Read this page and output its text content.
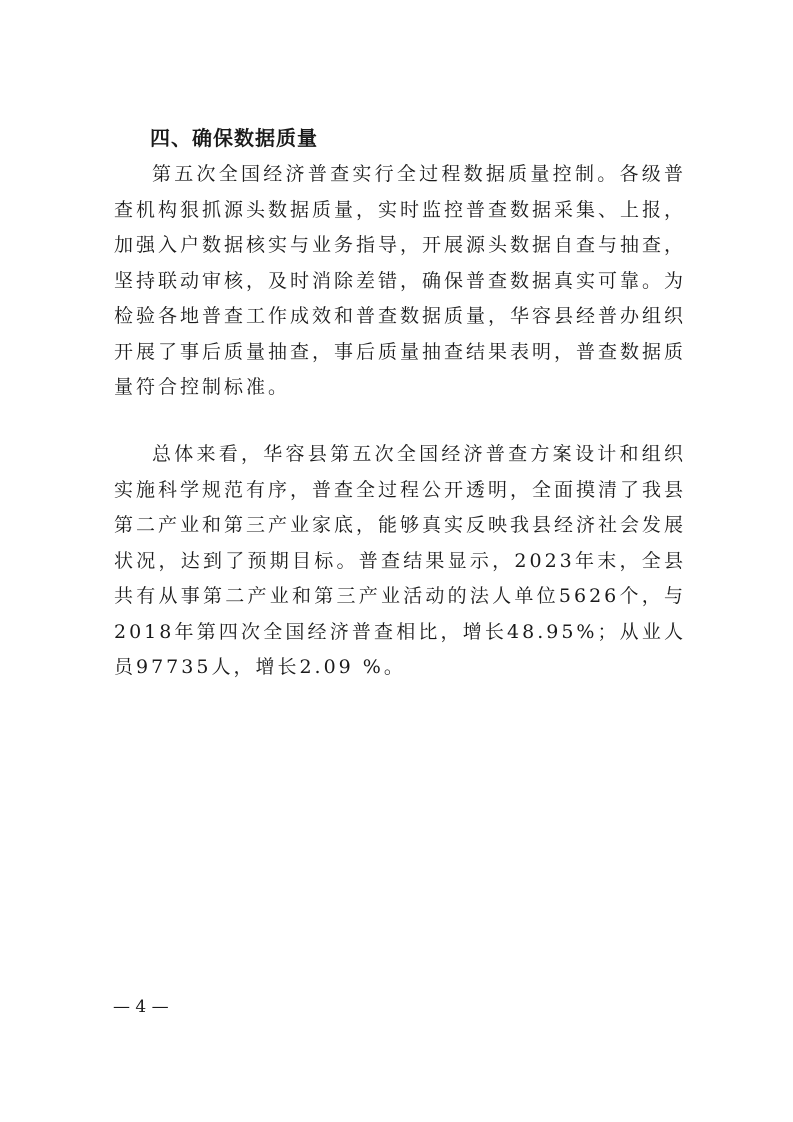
四、确保数据质量

第五次全国经济普查实行全过程数据质量控制。各级普查机构狠抓源头数据质量，实时监控普查数据采集、上报，加强入户数据核实与业务指导，开展源头数据自查与抽查，坚持联动审核，及时消除差错，确保普查数据真实可靠。为检验各地普查工作成效和普查数据质量，华容县经普办组织开展了事后质量抽查，事后质量抽查结果表明，普查数据质量符合控制标准。

总体来看，华容县第五次全国经济普查方案设计和组织实施科学规范有序，普查全过程公开透明，全面摸清了我县第二产业和第三产业家底，能够真实反映我县经济社会发展状况，达到了预期目标。普查结果显示，2023年末，全县共有从事第二产业和第三产业活动的法人单位5626个，与2018年第四次全国经济普查相比，增长48.95%；从业人员97735人，增长2.09 %。

— 4 —
